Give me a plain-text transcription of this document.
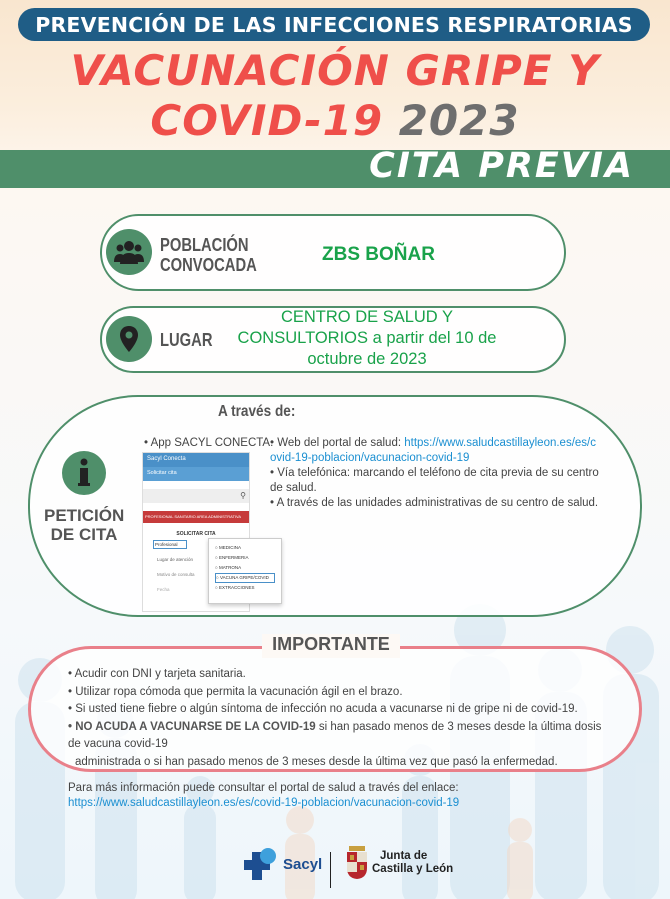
PREVENCIÓN DE LAS INFECCIONES RESPIRATORIAS
VACUNACIÓN GRIPE Y
COVID-19 2023
CITA PREVIA
POBLACIÓN
CONVOCADA	ZBS BOÑAR
LUGAR
CENTRO DE SALUD Y CONSULTORIOS a partir del 10 de octubre de 2023
A través de:
PETICIÓN
DE CITA
• App SACYL CONECTA.
Sacyl Conecta
Solicitar cita
⚲
PROFESIONAL SANITARIO AREA ADMINISTRATIVA
SOLICITAR CITA
Profesional
Lugar de atención
Motivo de consulta
Fecha
○ MEDICINA
○ ENFERMERIA
○ MATRONA
○ VACUNA GRIPE/COVID
○ EXTRACCIONES
• Web del portal de salud: https://www.saludcastillayleon.es/es/covid-19-poblacion/vacunacion-covid-19
• Vía telefónica: marcando el teléfono de cita previa de su centro de salud.
• A través de las unidades administrativas de su centro de salud.
IMPORTANTE
• Acudir con DNI y tarjeta sanitaria.
• Utilizar ropa cómoda que permita la vacunación ágil en el brazo.
• Si usted tiene fiebre o algún síntoma de infección no acuda a vacunarse ni de gripe ni de covid-19.
• NO ACUDA A VACUNARSE DE LA COVID-19 si han pasado menos de 3 meses desde la última dosis de vacuna covid-19
administrada o si han pasado menos de 3 meses desde la última vez que pasó la enfermedad.
Para más información puede consultar el portal de salud a través del enlace:
https://www.saludcastillayleon.es/es/covid-19-poblacion/vacunacion-covid-19
Sacyl	Junta de
Castilla y León
